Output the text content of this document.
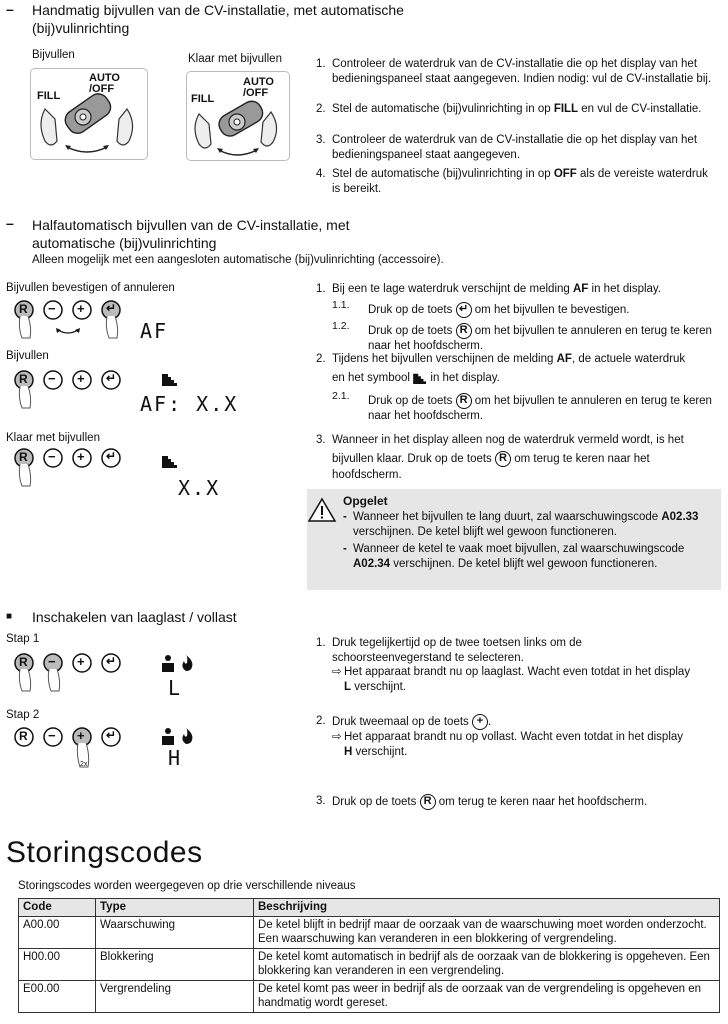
– Handmatig bijvullen van de CV-installatie, met automatische
(bij)vulinrichting
Bijvullen	Klaar met bijvullen
FILL
AUTO
/OFF
FILL
AUTO
/OFF
1. Controleer de waterdruk van de CV-installatie die op het display van het bedieningspaneel staat aangegeven. Indien nodig: vul de CV-installatie bij.
2. Stel de automatische (bij)vulinrichting in op FILL en vul de CV-installatie.
3. Controleer de waterdruk van de CV-installatie die op het display van het bedieningspaneel staat aangegeven.
4. Stel de automatische (bij)vulinrichting in op OFF als de vereiste waterdruk is bereikt.
– Halfautomatisch bijvullen van de CV-installatie, met
automatische (bij)vulinrichting
Alleen mogelijk met een aangesloten automatische (bij)vulinrichting (accessoire).
Bijvullen bevestigen of annuleren
Bijvullen
Klaar met bijvullen
R − + ↵
AF
R − + ↵
AF: X.X
R − + ↵
X.X
1. Bij een te lage waterdruk verschijnt de melding AF in het display.
1.1. Druk op de toets ↵ om het bijvullen te bevestigen.
1.2. Druk op de toets R om het bijvullen te annuleren en terug te keren naar het hoofdscherm.
2. Tijdens het bijvullen verschijnen de melding AF, de actuele waterdruk
en het symbool  in het display.
2.1. Druk op de toets R om het bijvullen te annuleren en terug te keren naar het hoofdscherm.
3. Wanneer in het display alleen nog de waterdruk vermeld wordt, is het
bijvullen klaar. Druk op de toets R om terug te keren naar het
hoofdscherm.
Opgelet
- Wanneer het bijvullen te lang duurt, zal waarschuwingscode A02.33 verschijnen. De ketel blijft wel gewoon functioneren.
- Wanneer de ketel te vaak moet bijvullen, zal waarschuwingscode A02.34 verschijnen. De ketel blijft wel gewoon functioneren.
■ Inschakelen van laaglast / vollast
Stap 1
Stap 2
R − + ↵
L
R − + ↵
2x	H
1. Druk tegelijkertijd op de twee toetsen links om de
schoorsteenvegerstand te selecteren.
⇨ Het apparaat brandt nu op laaglast. Wacht even totdat in het display
L verschijnt.
2. Druk tweemaal op de toets + .
⇨ Het apparaat brandt nu op vollast. Wacht even totdat in het display
H verschijnt.
3. Druk op de toets R om terug te keren naar het hoofdscherm.
Storingscodes
Storingscodes worden weergegeven op drie verschillende niveaus
Code	Type	Beschrijving
A00.00	Waarschuwing	De ketel blijft in bedrijf maar de oorzaak van de waarschuwing moet worden onderzocht. Een waarschuwing kan veranderen in een blokkering of vergrendeling.
H00.00	Blokkering	De ketel komt automatisch in bedrijf als de oorzaak van de blokkering is opgeheven. Een blokkering kan veranderen in een vergrendeling.
E00.00	Vergrendeling	De ketel komt pas weer in bedrijf als de oorzaak van de vergrendeling is opgeheven en handmatig wordt gereset.
